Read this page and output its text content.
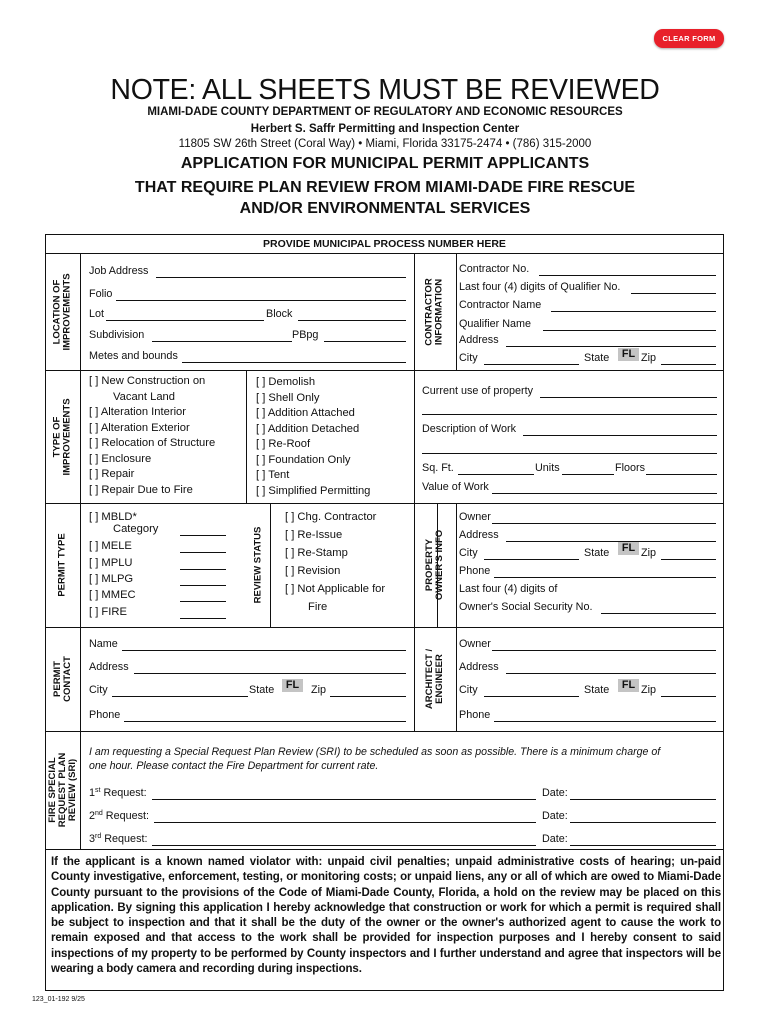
CLEAR FORM
NOTE: ALL SHEETS MUST BE REVIEWED
MIAMI-DADE COUNTY DEPARTMENT OF REGULATORY AND ECONOMIC RESOURCES
Herbert S. Saffr Permitting and Inspection Center
11805 SW 26th Street (Coral Way) • Miami, Florida 33175-2474 • (786) 315-2000
APPLICATION FOR MUNICIPAL PERMIT APPLICANTS
THAT REQUIRE PLAN REVIEW FROM MIAMI-DADE FIRE RESCUE
AND/OR ENVIRONMENTAL SERVICES
PROVIDE MUNICIPAL PROCESS NUMBER HERE
LOCATION OF IMPROVEMENTS	CONTRACTOR INFORMATION
TYPE OF IMPROVEMENTS
PERMIT TYPE	REVIEW STATUS	PROPERTY OWNER'S INFO
PERMIT CONTACT	ARCHITECT / ENGINEER
FIRE SPECIAL REQUEST PLAN REVIEW (SRI)
Job Address
Folio
Lot	Block
Subdivision	PBpg
Metes and bounds
Contractor No.
Last four (4) digits of Qualifier No.
Contractor Name
Qualifier Name
Address
City	State	FL Zip
[ ] New Construction on
Vacant Land
[ ] Alteration Interior
[ ] Alteration Exterior
[ ] Relocation of Structure
[ ] Enclosure
[ ] Repair
[ ] Repair Due to Fire
[ ] Demolish
[ ] Shell Only
[ ] Addition Attached
[ ] Addition Detached
[ ] Re-Roof
[ ] Foundation Only
[ ] Tent
[ ] Simplified Permitting
Current use of property
Description of Work
Sq. Ft.	Units	Floors
Value of Work
[ ] MBLD*
Category
[ ] MELE
[ ] MPLU
[ ] MLPG
[ ] MMEC
[ ] FIRE
[ ] Chg. Contractor
[ ] Re-Issue
[ ] Re-Stamp
[ ] Revision
[ ] Not Applicable for
Fire
Owner
Address
City	State	FL Zip
Phone
Last four (4) digits of
Owner's Social Security No.
Name
Address
City	State	FL	Zip
Phone
Owner
Address
City	State	FL Zip
Phone
I am requesting a Special Request Plan Review (SRI) to be scheduled as soon as possible. There is a minimum charge of
one hour. Please contact the Fire Department for current rate.
1st Request:	Date:
2nd Request:	Date:
3rd Request:	Date:
If the applicant is a known named violator with: unpaid civil penalties; unpaid administrative costs of hearing; un-paid County investigative, enforcement, testing, or monitoring costs; or unpaid liens, any or all of which are owed to Miami-Dade County pursuant to the provisions of the Code of Miami-Dade County, Florida, a hold on the review may be placed on this application. By signing this application I hereby acknowledge that construction or work for which a permit is required shall be subject to inspection and that it shall be the duty of the owner or the owner's authorized agent to cause the work to remain exposed and that access to the work shall be provided for inspection purposes and I hereby consent to said inspections of my property to be performed by County inspectors and I further understand and agree that inspectors will be wearing a body camera and recording during inspections.
123_01-192 9/25
